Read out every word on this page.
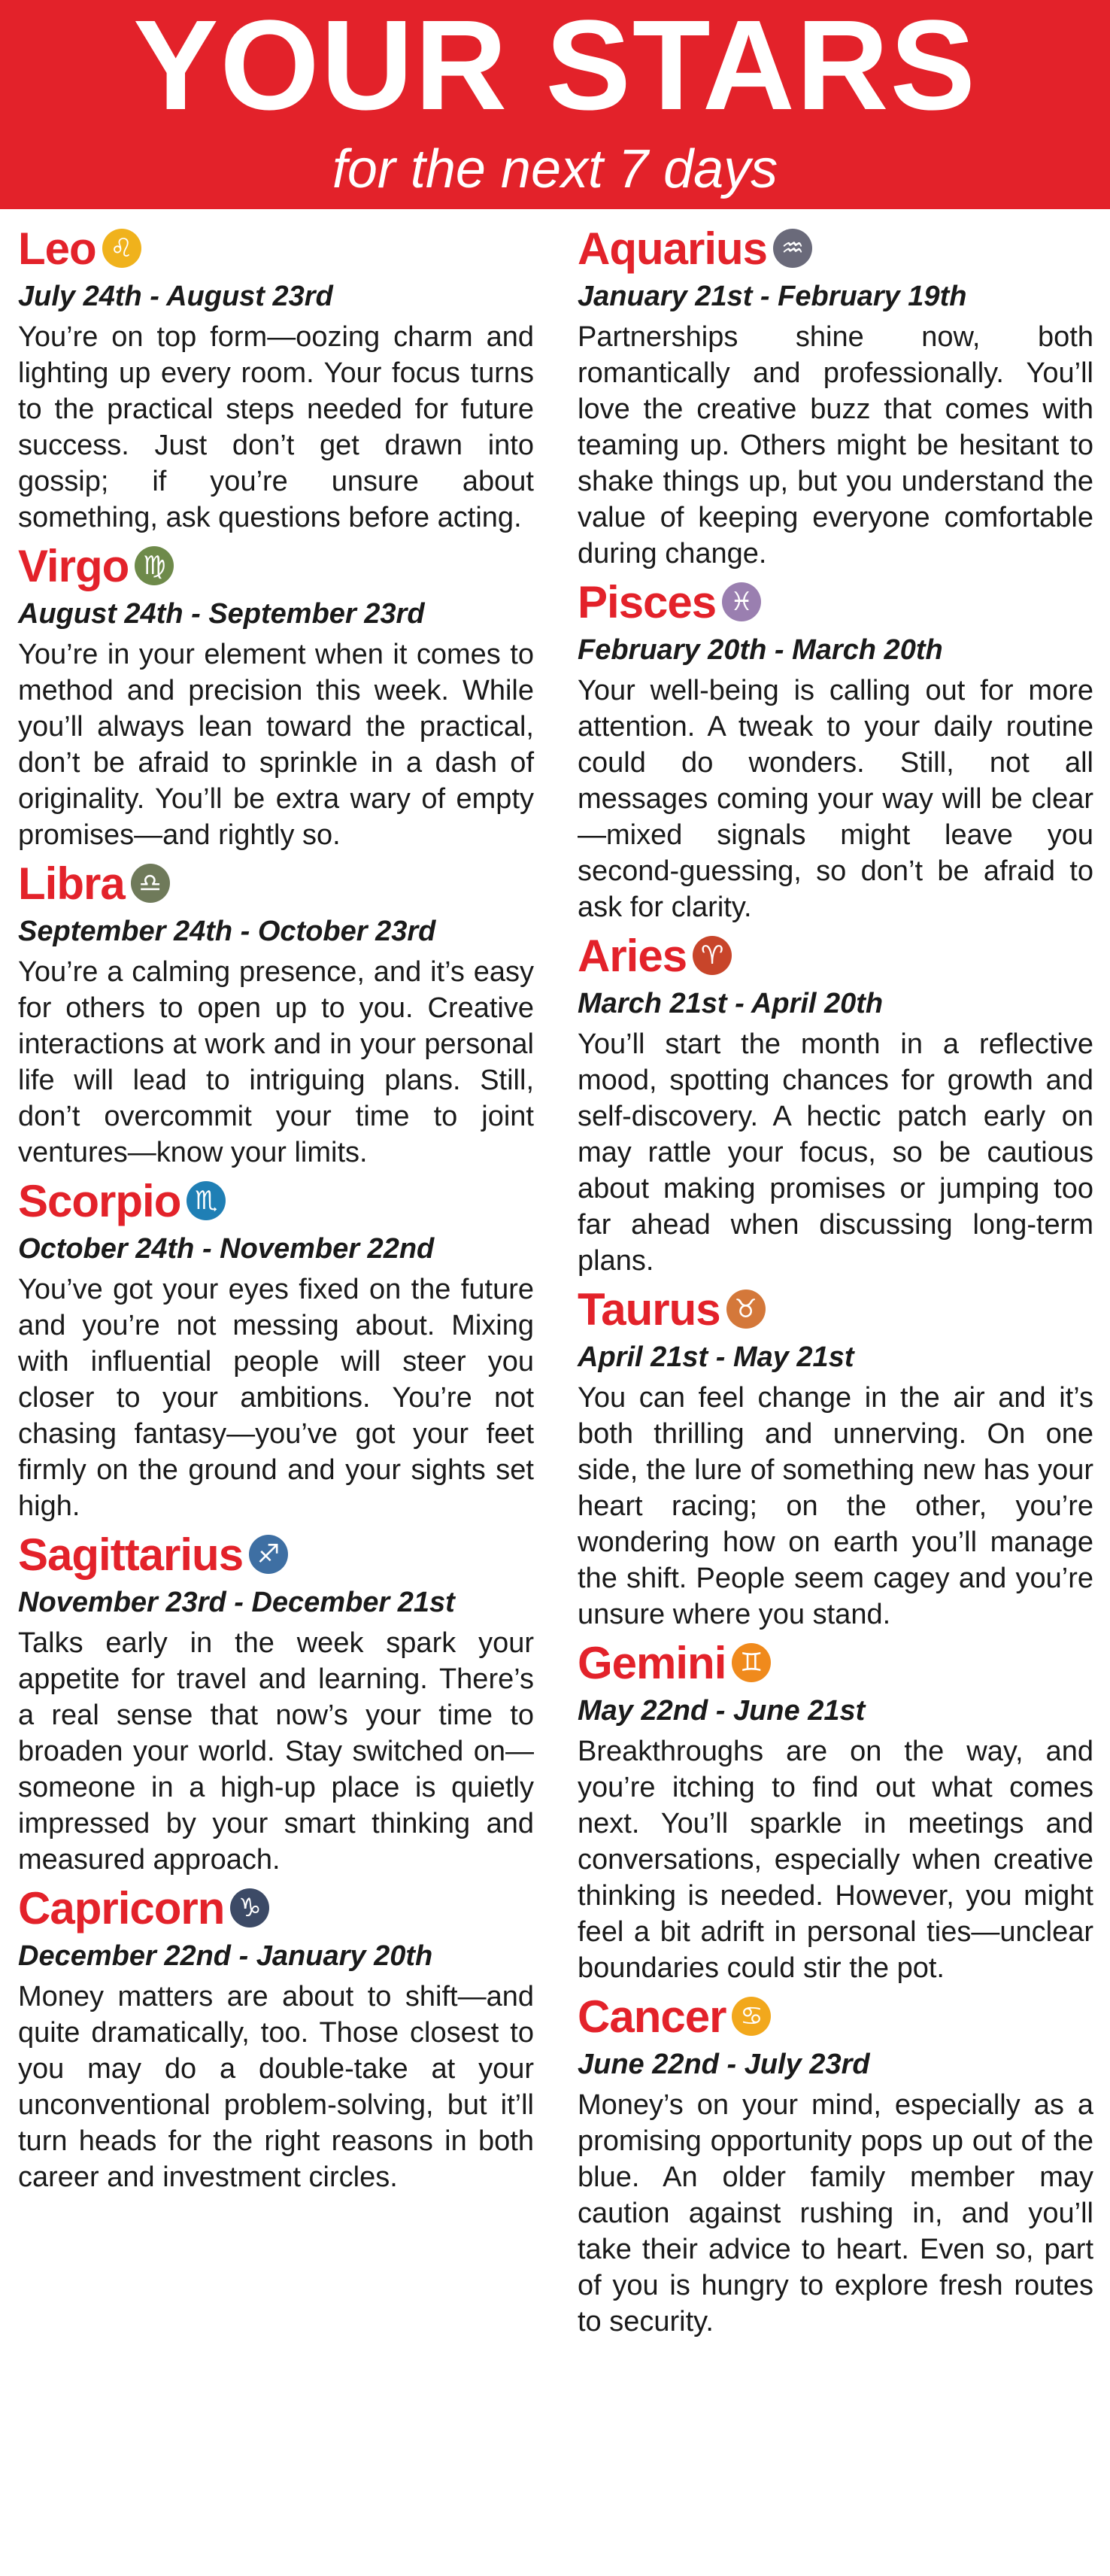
YOUR STARS
for the next 7 days
Leo ♌︎
July 24th - August 23rd

You’re on top form—oozing charm and lighting up every room. Your focus turns to the practical steps needed for future success. Just don’t get drawn into gossip; if you’re unsure about something, ask questions before acting.

Virgo ♍︎
August 24th - September 23rd

You’re in your element when it comes to method and precision this week. While you’ll always lean toward the practical, don’t be afraid to sprinkle in a dash of originality. You’ll be extra wary of empty promises—and rightly so.

Libra ♎︎
September 24th - October 23rd

You’re a calming presence, and it’s easy for others to open up to you. Creative interactions at work and in your personal life will lead to intriguing plans. Still, don’t overcommit your time to joint ventures—know your limits.

Scorpio ♏︎
October 24th - November 22nd

You’ve got your eyes fixed on the future and you’re not messing about. Mixing with influential people will steer you closer to your ambitions. You’re not chasing fantasy—you’ve got your feet firmly on the ground and your sights set high.

Sagittarius ♐︎
November 23rd - December 21st

Talks early in the week spark your appetite for travel and learning. There’s a real sense that now’s your time to broaden your world. Stay switched on—someone in a high-up place is quietly impressed by your smart thinking and measured approach.

Capricorn ♑︎
December 22nd - January 20th

Money matters are about to shift—and quite dramatically, too. Those closest to you may do a double-take at your unconventional problem-solving, but it’ll turn heads for the right reasons in both career and investment circles.

Aquarius ♒︎
January 21st - February 19th

Partnerships shine now, both romantically and professionally. You’ll love the creative buzz that comes with teaming up. Others might be hesitant to shake things up, but you understand the value of keeping everyone comfortable during change.

Pisces ♓︎
February 20th - March 20th

Your well-being is calling out for more attention. A tweak to your daily routine could do wonders. Still, not all messages coming your way will be clear—mixed signals might leave you second-guessing, so don’t be afraid to ask for clarity.

Aries ♈︎
March 21st - April 20th

You’ll start the month in a reflective mood, spotting chances for growth and self-discovery. A hectic patch early on may rattle your focus, so be cautious about making promises or jumping too far ahead when discussing long-term plans.

Taurus ♉︎
April 21st - May 21st

You can feel change in the air and it’s both thrilling and unnerving. On one side, the lure of something new has your heart racing; on the other, you’re wondering how on earth you’ll manage the shift. People seem cagey and you’re unsure where you stand.

Gemini ♊︎
May 22nd - June 21st

Breakthroughs are on the way, and you’re itching to find out what comes next. You’ll sparkle in meetings and conversations, especially when creative thinking is needed. However, you might feel a bit adrift in personal ties—unclear boundaries could stir the pot.

Cancer ♋︎
June 22nd - July 23rd

Money’s on your mind, especially as a promising opportunity pops up out of the blue. An older family member may caution against rushing in, and you’ll take their advice to heart. Even so, part of you is hungry to explore fresh routes to security.
